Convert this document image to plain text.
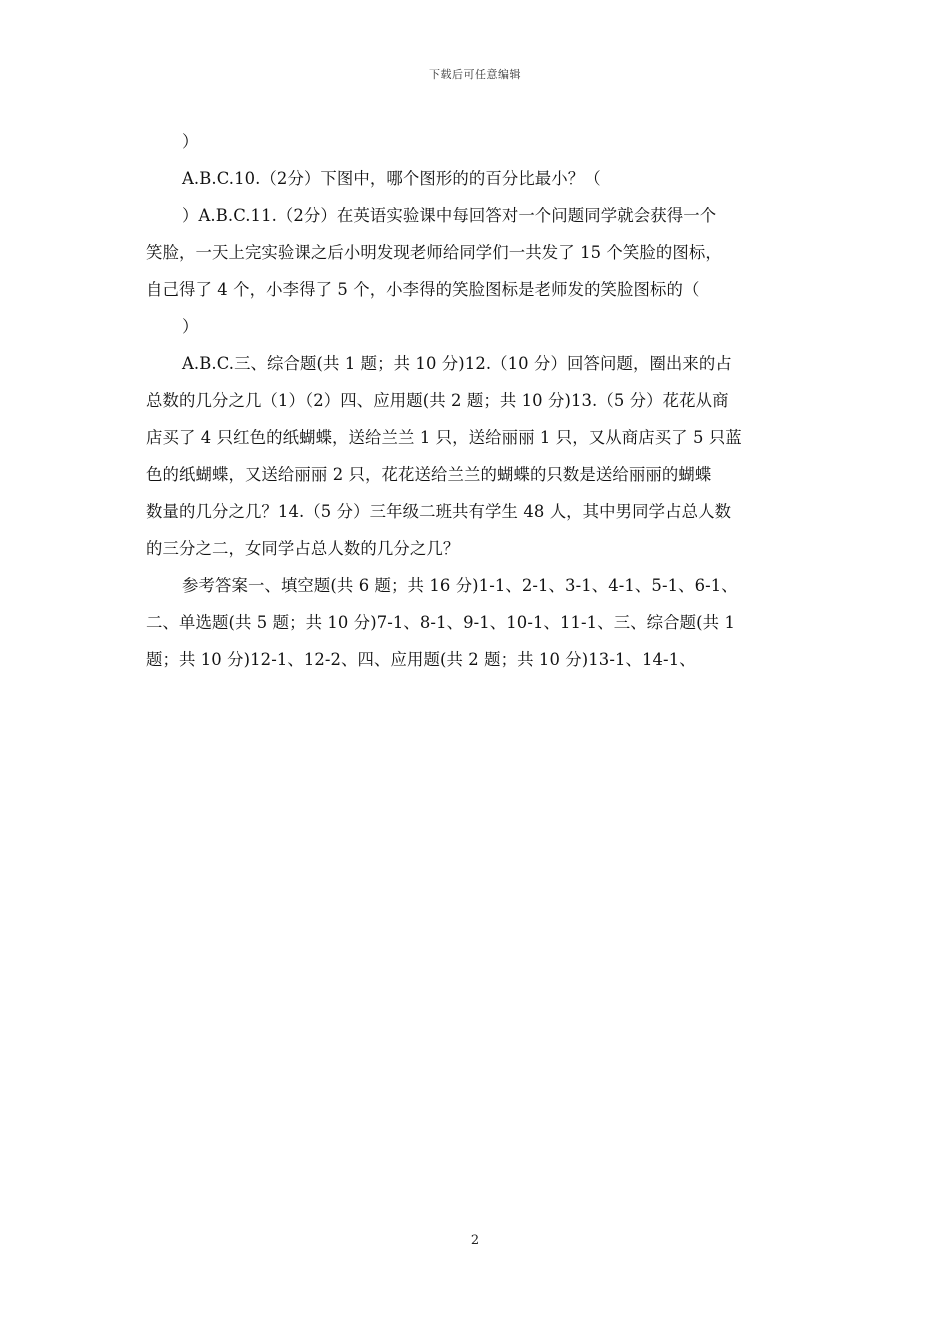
下载后可任意编辑
）
A.B.C.10.（2分）下图中，哪个图形的的百分比最小？（
）A.B.C.11.（2分）在英语实验课中每回答对一个问题同学就会获得一个
笑脸，一天上完实验课之后小明发现老师给同学们一共发了 15 个笑脸的图标，
自己得了 4 个，小李得了 5 个，小李得的笑脸图标是老师发的笑脸图标的（
）
A.B.C.三、综合题(共 1 题；共 10 分)12.（10 分）回答问题，圈出来的占
总数的几分之几（1）（2）四、应用题(共 2 题；共 10 分)13.（5 分）花花从商
店买了 4 只红色的纸蝴蝶，送给兰兰 1 只，送给丽丽 1 只，又从商店买了 5 只蓝
色的纸蝴蝶，又送给丽丽 2 只，花花送给兰兰的蝴蝶的只数是送给丽丽的蝴蝶
数量的几分之几？14.（5 分）三年级二班共有学生 48 人，其中男同学占总人数
的三分之二，女同学占总人数的几分之几？
参考答案一、填空题(共 6 题；共 16 分)1-1、2-1、3-1、4-1、5-1、6-1、
二、单选题(共 5 题；共 10 分)7-1、8-1、9-1、10-1、11-1、三、综合题(共 1
题；共 10 分)12-1、12-2、四、应用题(共 2 题；共 10 分)13-1、14-1、
2
